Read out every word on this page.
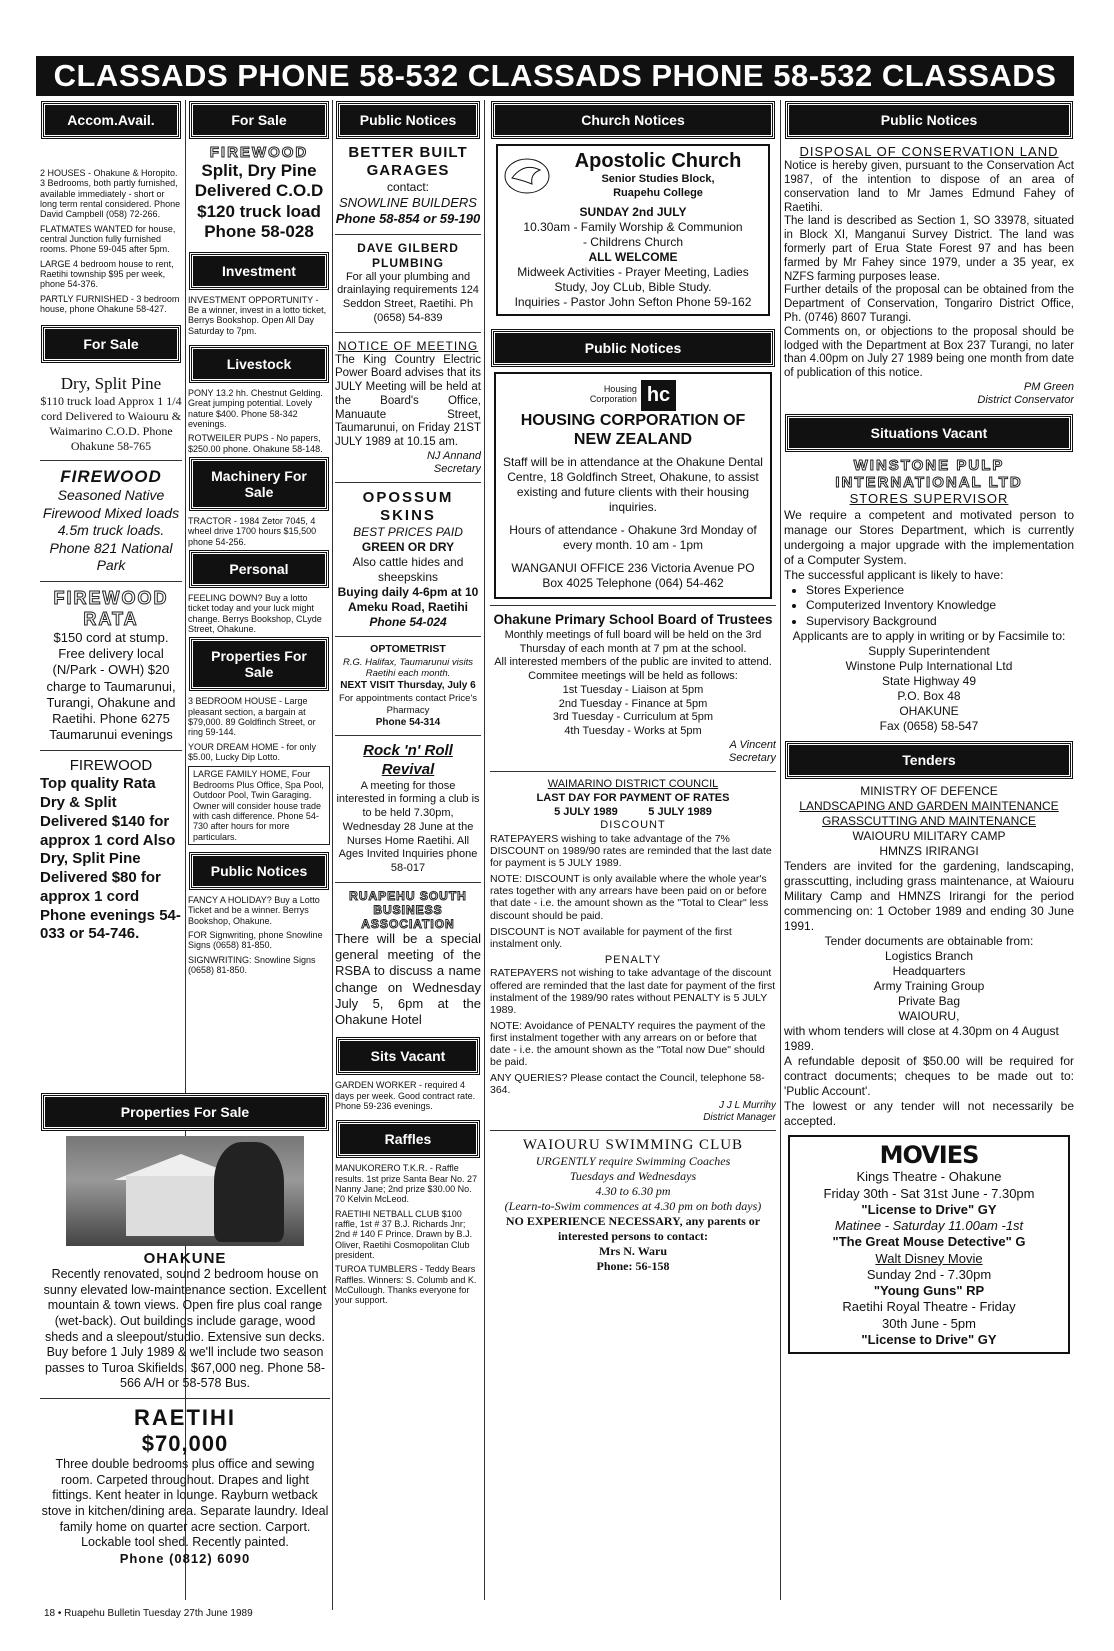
CLASSADS PHONE 58-532 CLASSADS PHONE 58-532 CLASSADS
Accom.Avail.

2 HOUSES - Ohakune & Horopito. 3 Bedrooms, both partly furnished, available immediately - short or long term rental considered. Phone David Campbell (058) 72-266.

FLATMATES WANTED for house, central Junction fully furnished rooms. Phone 59-045 after 5pm.

LARGE 4 bedroom house to rent, Raetihi township $95 per week, phone 54-376.

PARTLY FURNISHED - 3 bedroom house, phone Ohakune 58-427.

For Sale
Dry, Split Pine
$110 truck load Approx 1 1/4 cord Delivered to Waiouru & Waimarino C.O.D. Phone Ohakune 58-765
FIREWOOD
Seasoned Native Firewood Mixed loads 4.5m truck loads. Phone 821 National Park
FIREWOOD
RATA
$150 cord at stump. Free delivery local (N/Park - OWH) $20 charge to Taumarunui, Turangi, Ohakune and Raetihi. Phone 6275 Taumarunui evenings
FIREWOOD
Top quality Rata Dry & Split Delivered $140 for approx 1 cord Also Dry, Split Pine Delivered $80 for approx 1 cord Phone evenings 54-033 or 54-746.
For Sale
FIREWOOD
Split, Dry Pine Delivered C.O.D $120 truck load Phone 58-028
Investment

INVESTMENT OPPORTUNITY - Be a winner, invest in a lotto ticket, Berrys Bookshop. Open All Day Saturday to 7pm.

Livestock

PONY 13.2 hh. Chestnut Gelding. Great jumping potential. Lovely nature $400. Phone 58-342 evenings.

ROTWEILER PUPS - No papers, $250.00 phone. Ohakune 58-148.

Machinery For Sale

TRACTOR - 1984 Zetor 7045, 4 wheel drive 1700 hours $15,500 phone 54-256.

Personal

FEELING DOWN? Buy a lotto ticket today and your luck might change. Berrys Bookshop, CLyde Street, Ohakune.

Properties For Sale

3 BEDROOM HOUSE - Large pleasant section, a bargain at $79,000. 89 Goldfinch Street, or ring 59-144.

YOUR DREAM HOME - for only $5.00, Lucky Dip Lotto.

LARGE FAMILY HOME, Four Bedrooms Plus Office, Spa Pool, Outdoor Pool, Twin Garaging. Owner will consider house trade with cash difference. Phone 54-730 after hours for more particulars.

Public Notices

FANCY A HOLIDAY? Buy a Lotto Ticket and be a winner. Berrys Bookshop, Ohakune.

FOR Signwriting, phone Snowline Signs (0658) 81-850.

SIGNWRITING: Snowline Signs (0658) 81-850.

Properties For Sale
OHAKUNE
Recently renovated, sound 2 bedroom house on sunny elevated low-maintenance section. Excellent mountain & town views. Open fire plus coal range (wet-back). Out buildings include garage, wood sheds and a sleepout/studio. Extensive sun decks. Buy before 1 July 1989 & we'll include two season passes to Turoa Skifields. $67,000 neg. Phone 58-566 A/H or 58-578 Bus.
RAETIHI
$70,000
Three double bedrooms plus office and sewing room. Carpeted throughout. Drapes and light fittings. Kent heater in lounge. Rayburn wetback stove in kitchen/dining area. Separate laundry. Ideal family home on quarter acre section. Carport. Lockable tool shed. Recently painted.
Phone (0812) 6090
Public Notices
BETTER BUILT GARAGES
contact:
SNOWLINE BUILDERS
Phone 58-854 or 59-190
DAVE GILBERD PLUMBING
For all your plumbing and drainlaying requirements 124 Seddon Street, Raetihi. Ph (0658) 54-839
NOTICE OF MEETING
The King Country Electric Power Board advises that its JULY Meeting will be held at the Board's Office, Manuaute Street, Taumarunui, on Friday 21ST JULY 1989 at 10.15 am.
NJ Annand
Secretary
OPOSSUM SKINS
BEST PRICES PAID
GREEN OR DRY
Also cattle hides and sheepskins
Buying daily 4-6pm at 10 Ameku Road, Raetihi
Phone 54-024
OPTOMETRIST
R.G. Halifax, Taumarunui visits Raetihi each month.
NEXT VISIT Thursday, July 6
For appointments contact Price's Pharmacy
Phone 54-314
Rock 'n' Roll Revival
A meeting for those interested in forming a club is to be held 7.30pm, Wednesday 28 June at the Nurses Home Raetihi. All Ages Invited Inquiries phone 58-017
RUAPEHU SOUTH BUSINESS ASSOCIATION
There will be a special general meeting of the RSBA to discuss a name change on Wednesday July 5, 6pm at the Ohakune Hotel
Sits Vacant

GARDEN WORKER - required 4 days per week. Good contract rate. Phone 59-236 evenings.

Raffles

MANUKORERO T.K.R. - Raffle results. 1st prize Santa Bear No. 27 Nanny Jane; 2nd prize $30.00 No. 70 Kelvin McLeod.

RAETIHI NETBALL CLUB $100 raffle, 1st # 37 B.J. Richards Jnr; 2nd # 140 F Prince. Drawn by B.J. Oliver, Raetihi Cosmopolitan Club president.

TUROA TUMBLERS - Teddy Bears Raffles. Winners: S. Columb and K. McCullough. Thanks everyone for your support.

Church Notices
Apostolic Church
Senior Studies Block,
Ruapehu College
SUNDAY 2nd JULY
10.30am - Family Worship & Communion
- Childrens Church
ALL WELCOME
Midweek Activities - Prayer Meeting, Ladies Study, Joy CLub, Bible Study.
Inquiries - Pastor John Sefton Phone 59-162
Public Notices
Housing
Corporation hc
HOUSING CORPORATION OF NEW ZEALAND
Staff will be in attendance at the Ohakune Dental Centre, 18 Goldfinch Street, Ohakune, to assist existing and future clients with their housing inquiries.
Hours of attendance - Ohakune 3rd Monday of every month. 10 am - 1pm
WANGANUI OFFICE 236 Victoria Avenue PO Box 4025 Telephone (064) 54-462
Ohakune Primary School Board of Trustees
Monthly meetings of full board will be held on the 3rd Thursday of each month at 7 pm at the school.
All interested members of the public are invited to attend.
Commitee meetings will be held as follows:
1st Tuesday - Liaison at 5pm
2nd Tuesday - Finance at 5pm
3rd Tuesday - Curriculum at 5pm
4th Tuesday - Works at 5pm
A Vincent
Secretary
WAIMARINO DISTRICT COUNCIL
LAST DAY FOR PAYMENT OF RATES
5 JULY 1989          5 JULY 1989
DISCOUNT

RATEPAYERS wishing to take advantage of the 7% DISCOUNT on 1989/90 rates are reminded that the last date for payment is 5 JULY 1989.

NOTE: DISCOUNT is only available where the whole year's rates together with any arrears have been paid on or before that date - i.e. the amount shown as the "Total to Clear" less discount should be paid.

DISCOUNT is NOT available for payment of the first instalment only.

PENALTY

RATEPAYERS not wishing to take advantage of the discount offered are reminded that the last date for payment of the first instalment of the 1989/90 rates without PENALTY is 5 JULY 1989.

NOTE: Avoidance of PENALTY requires the payment of the first instalment together with any arrears on or before that date - i.e. the amount shown as the "Total now Due" should be paid.

ANY QUERIES? Please contact the Council, telephone 58-364.

J J L Murrihy
District Manager
WAIOURU SWIMMING CLUB
URGENTLY require Swimming Coaches
Tuesdays and Wednesdays
4.30 to 6.30 pm
(Learn-to-Swim commences at 4.30 pm on both days)
NO EXPERIENCE NECESSARY, any parents or interested persons to contact:
Mrs N. Waru
Phone: 56-158
Public Notices
DISPOSAL OF CONSERVATION LAND
Notice is hereby given, pursuant to the Conservation Act 1987, of the intention to dispose of an area of conservation land to Mr James Edmund Fahey of Raetihi.
The land is described as Section 1, SO 33978, situated in Block XI, Manganui Survey District. The land was formerly part of Erua State Forest 97 and has been farmed by Mr Fahey since 1979, under a 35 year, ex NZFS farming purposes lease.
Further details of the proposal can be obtained from the Department of Conservation, Tongariro District Office, Ph. (0746) 8607 Turangi.
Comments on, or objections to the proposal should be lodged with the Department at Box 237 Turangi, no later than 4.00pm on July 27 1989 being one month from date of publication of this notice.
PM Green
District Conservator
Situations Vacant
WINSTONE PULP
INTERNATIONAL LTD
STORES SUPERVISOR
We require a competent and motivated person to manage our Stores Department, which is currently undergoing a major upgrade with the implementation of a Computer System.
The successful applicant is likely to have:
• Stores Experience
• Computerized Inventory Knowledge
• Supervisory Background
Applicants are to apply in writing or by Facsimile to:
Supply Superintendent
Winstone Pulp International Ltd
State Highway 49
P.O. Box 48
OHAKUNE
Fax (0658) 58-547
Tenders
MINISTRY OF DEFENCE
LANDSCAPING AND GARDEN MAINTENANCE
GRASSCUTTING AND MAINTENANCE
WAIOURU MILITARY CAMP
HMNZS IRIRANGI
Tenders are invited for the gardening, landscaping, grasscutting, including grass maintenance, at Waiouru Military Camp and HMNZS Irirangi for the period commencing on: 1 October 1989 and ending 30 June 1991.
Tender documents are obtainable from:
Logistics Branch
Headquarters
Army Training Group
Private Bag
WAIOURU,
with whom tenders will close at 4.30pm on 4 August 1989.
A refundable deposit of $50.00 will be required for contract documents; cheques to be made out to: 'Public Account'.
The lowest or any tender will not necessarily be accepted.
MOVIES
Kings Theatre - Ohakune
Friday 30th - Sat 31st June - 7.30pm
"License to Drive" GY
Matinee - Saturday 11.00am -1st
"The Great Mouse Detective" G
Walt Disney Movie
Sunday 2nd - 7.30pm
"Young Guns" RP
Raetihi Royal Theatre - Friday
30th June - 5pm
"License to Drive" GY
18 • Ruapehu Bulletin Tuesday 27th June 1989
